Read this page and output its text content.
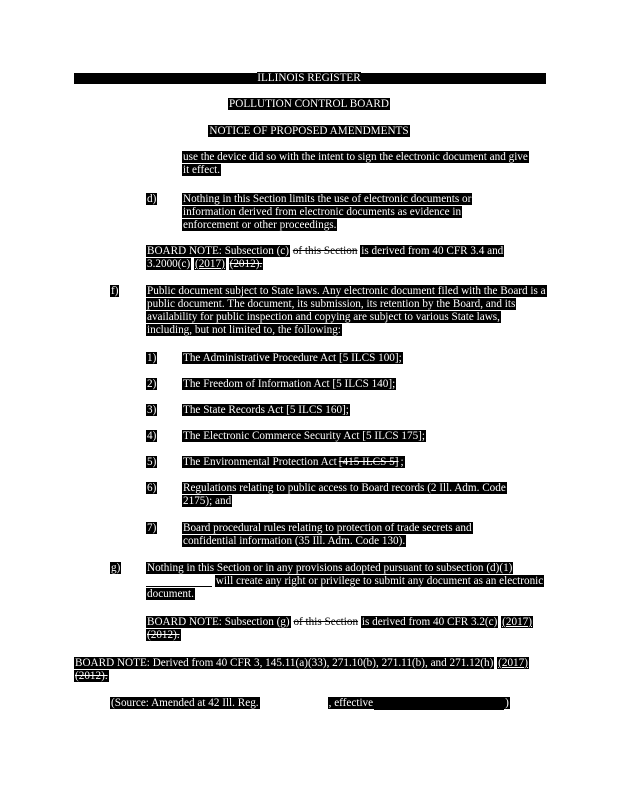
ILLINOIS REGISTER
POLLUTION CONTROL BOARD
NOTICE OF PROPOSED AMENDMENTS
use the device did so with the intent to sign the electronic document and give it effect.
d) Nothing in this Section limits the use of electronic documents or information derived from electronic documents as evidence in enforcement or other proceedings.
BOARD NOTE: Subsection (c) of this Section is derived from 40 CFR 3.4 and 3.2000(c) (2017) (2012).
f)	Public document subject to State laws. Any electronic document filed with the Board is a public document. The document, its submission, its retention by the Board, and its availability for public inspection and copying are subject to various State laws, including, but not limited to, the following:
1) The Administrative Procedure Act [5 ILCS 100];
2) The Freedom of Information Act [5 ILCS 140];
3) The State Records Act [5 ILCS 160];
4) The Electronic Commerce Security Act [5 ILCS 175];
5) The Environmental Protection Act [415 ILCS 5] ;
6) Regulations relating to public access to Board records (2 Ill. Adm. Code 2175); and
7) Board procedural rules relating to protection of trade secrets and confidential information (35 Ill. Adm. Code 130).
g) Nothing in this Section or in any provisions adopted pursuant to subsection (d)(1)  will create any right or privilege to submit any document as an electronic document.
BOARD NOTE: Subsection (g) of this Section is derived from 40 CFR 3.2(c) (2017) (2012).
BOARD NOTE: Derived from 40 CFR 3, 145.11(a)(33), 271.10(b), 271.11(b), and 271.12(h) (2017) (2012).
(Source: Amended at 42 Ill. Reg.	, effective	)
